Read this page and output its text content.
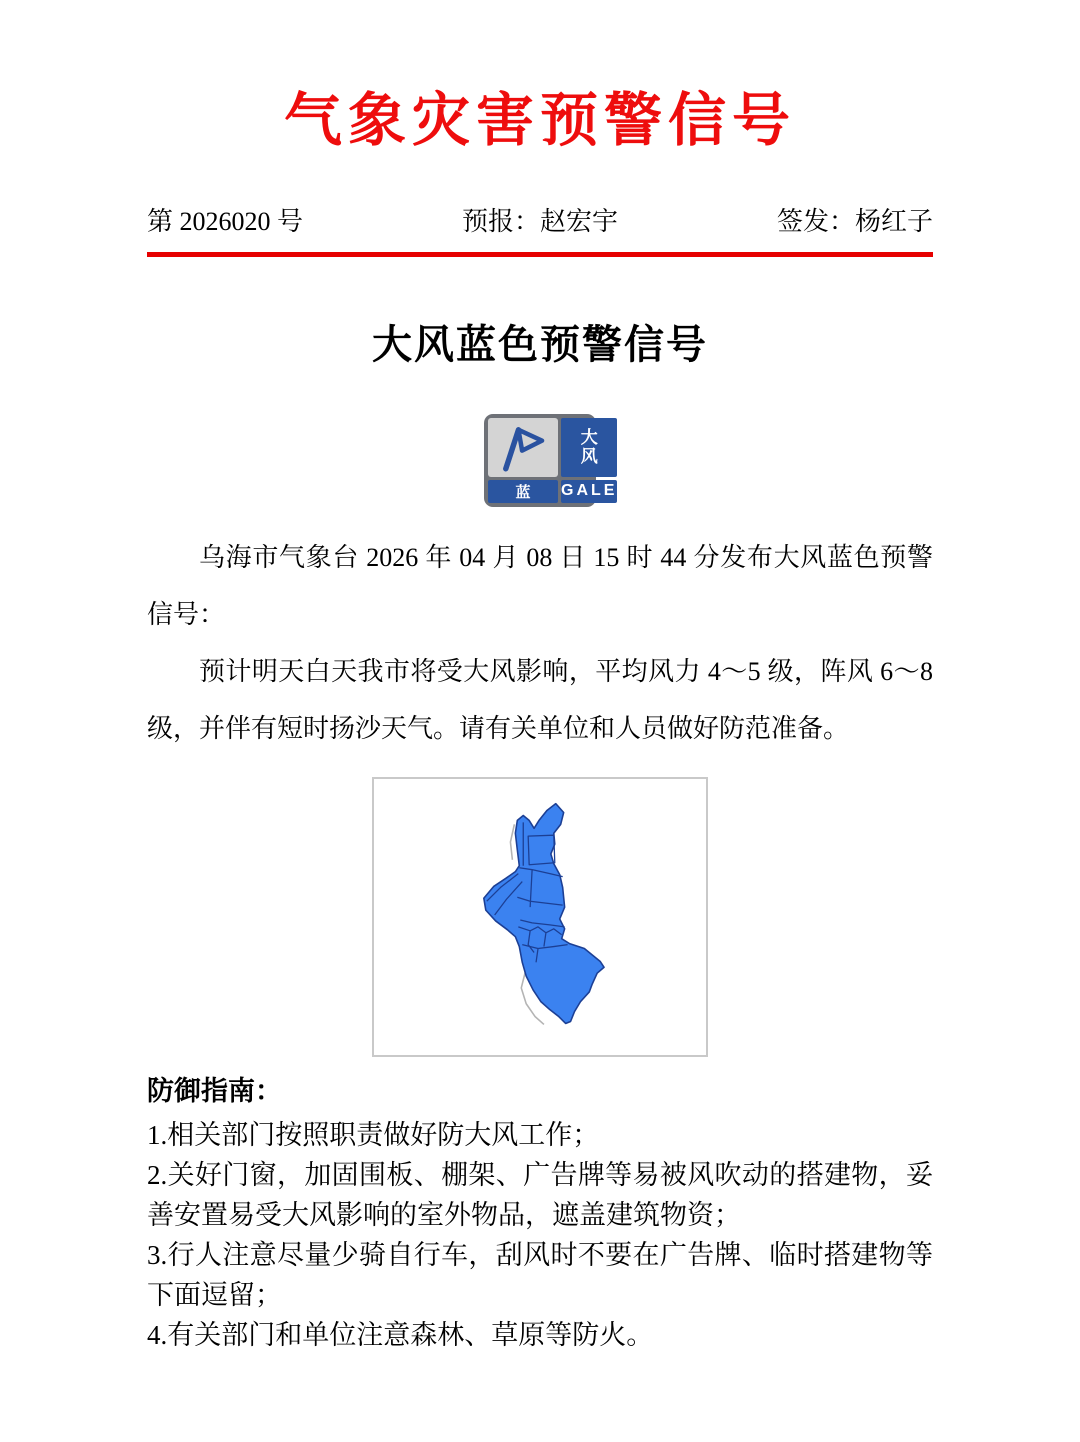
气象灾害预警信号
第 2026020 号	预报：赵宏宇	签发：杨红子
大风蓝色预警信号
大
风
蓝	GALE

乌海市气象台 2026 年 04 月 08 日 15 时 44 分发布大风蓝色预警信号：

预计明天白天我市将受大风影响，平均风力 4～5 级，阵风 6～8 级，并伴有短时扬沙天气。请有关单位和人员做好防范准备。

防御指南：

1.相关部门按照职责做好防大风工作；

2.关好门窗，加固围板、棚架、广告牌等易被风吹动的搭建物，妥善安置易受大风影响的室外物品，遮盖建筑物资；

3.行人注意尽量少骑自行车，刮风时不要在广告牌、临时搭建物等下面逗留；

4.有关部门和单位注意森林、草原等防火。
